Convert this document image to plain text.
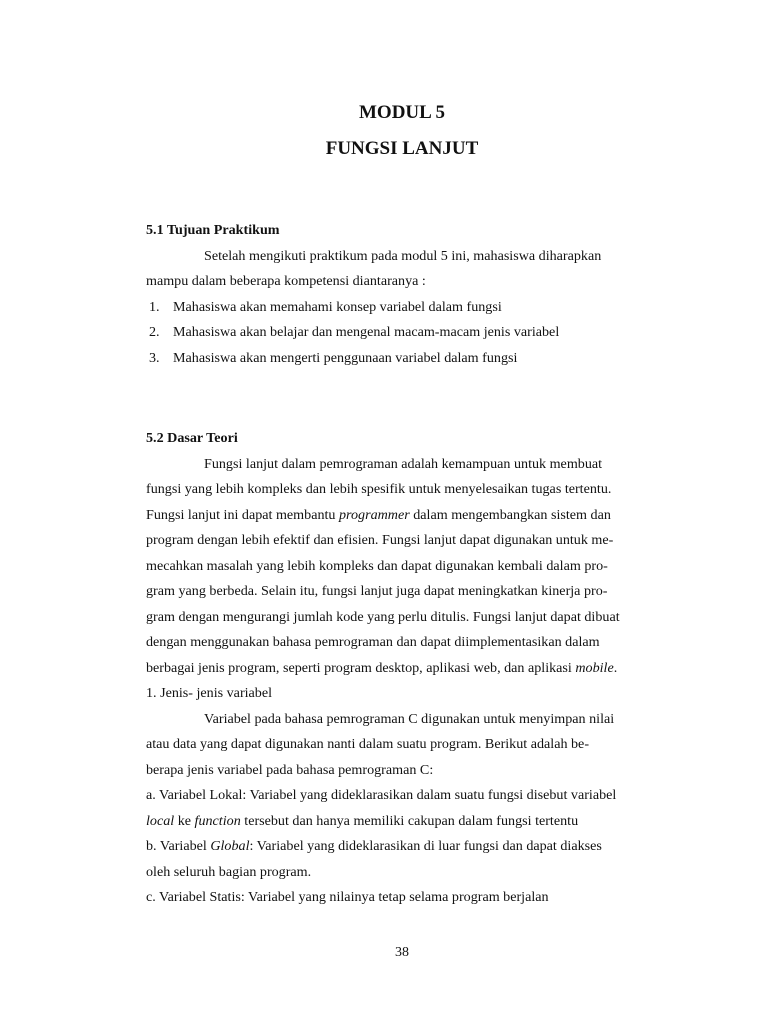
MODUL 5
FUNGSI LANJUT

5.1 Tujuan Praktikum

Setelah mengikuti praktikum pada modul 5 ini, mahasiswa diharapkan

mampu dalam beberapa kompetensi diantaranya :

1. Mahasiswa akan memahami konsep variabel dalam fungsi
2. Mahasiswa akan belajar dan mengenal macam-macam jenis variabel
3. Mahasiswa akan mengerti penggunaan variabel dalam fungsi

5.2 Dasar Teori

Fungsi lanjut dalam pemrograman adalah kemampuan untuk membuat

fungsi yang lebih kompleks dan lebih spesifik untuk menyelesaikan tugas tertentu.

Fungsi lanjut ini dapat membantu programmer dalam mengembangkan sistem dan

program dengan lebih efektif dan efisien. Fungsi lanjut dapat digunakan untuk me-

mecahkan masalah yang lebih kompleks dan dapat digunakan kembali dalam pro-

gram yang berbeda. Selain itu, fungsi lanjut juga dapat meningkatkan kinerja pro-

gram dengan mengurangi jumlah kode yang perlu ditulis. Fungsi lanjut dapat dibuat

dengan menggunakan bahasa pemrograman dan dapat diimplementasikan dalam

berbagai jenis program, seperti program desktop, aplikasi web, dan aplikasi mobile.

1. Jenis- jenis variabel

Variabel pada bahasa pemrograman C digunakan untuk menyimpan nilai

atau data yang dapat digunakan nanti dalam suatu program. Berikut adalah be-

berapa jenis variabel pada bahasa pemrograman C:

a. Variabel Lokal: Variabel yang dideklarasikan dalam suatu fungsi disebut variabel

local ke function tersebut dan hanya memiliki cakupan dalam fungsi tertentu

b. Variabel Global: Variabel yang dideklarasikan di luar fungsi dan dapat diakses

oleh seluruh bagian program.

c. Variabel Statis: Variabel yang nilainya tetap selama program berjalan

38
